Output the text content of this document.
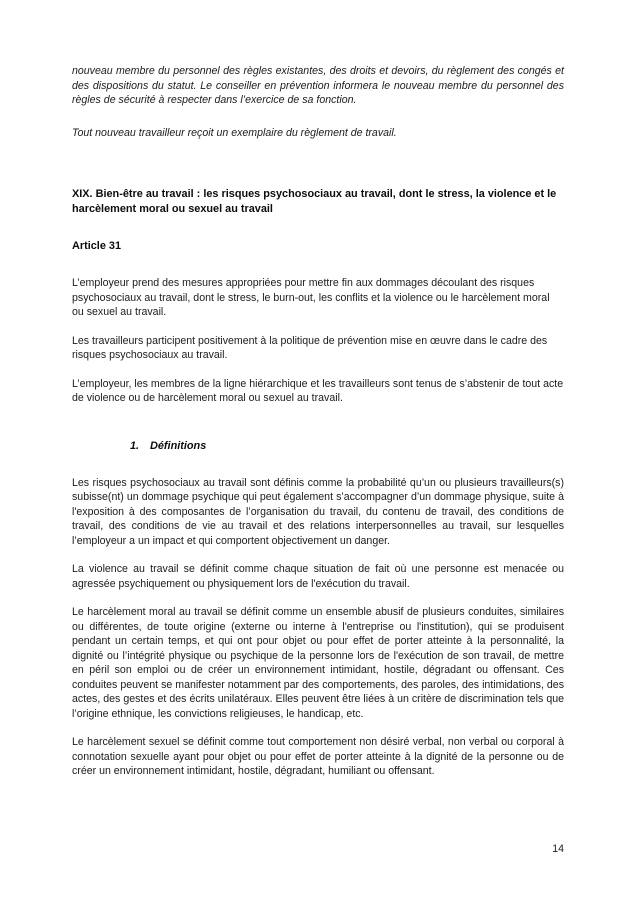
nouveau membre du personnel des règles existantes, des droits et devoirs, du règlement des congés et des dispositions du statut. Le conseiller en prévention informera le nouveau membre du personnel des règles de sécurité à respecter dans l’exercice de sa fonction.

Tout nouveau travailleur reçoit un exemplaire du règlement de travail.

XIX. Bien-être au travail : les risques psychosociaux au travail, dont le stress, la violence et le harcèlement moral ou sexuel au travail

Article 31

L’employeur prend des mesures appropriées pour mettre fin aux dommages découlant des risques psychosociaux au travail, dont le stress, le burn-out, les conflits et la violence ou le harcèlement moral ou sexuel au travail.

Les travailleurs participent positivement à la politique de prévention mise en œuvre dans le cadre des risques psychosociaux au travail.

L’employeur, les membres de la ligne hiérarchique et les travailleurs sont tenus de s’abstenir de tout acte de violence ou de harcèlement moral ou sexuel au travail.

1. Définitions

Les risques psychosociaux au travail sont définis comme la probabilité qu’un ou plusieurs travailleurs(s) subisse(nt) un dommage psychique qui peut également s’accompagner d’un dommage physique, suite à l'exposition à des composantes de l’organisation du travail, du contenu de travail, des conditions de travail, des conditions de vie au travail et des relations interpersonnelles au travail, sur lesquelles l’employeur a un impact et qui comportent objectivement un danger.

La violence au travail se définit comme chaque situation de fait où une personne est menacée ou agressée psychiquement ou physiquement lors de l'exécution du travail.

Le harcèlement moral au travail se définit comme un ensemble abusif de plusieurs conduites, similaires ou différentes, de toute origine (externe ou interne à l'entreprise ou l'institution), qui se produisent pendant un certain temps, et qui ont pour objet ou pour effet de porter atteinte à la personnalité, la dignité ou l’intégrité physique ou psychique de la personne lors de l'exécution de son travail, de mettre en péril son emploi ou de créer un environnement intimidant, hostile, dégradant ou offensant. Ces conduites peuvent se manifester notamment par des comportements, des paroles, des intimidations, des actes, des gestes et des écrits unilatéraux. Elles peuvent être liées à un critère de discrimination tels que l’origine ethnique, les convictions religieuses, le handicap, etc.

Le harcèlement sexuel se définit comme tout comportement non désiré verbal, non verbal ou corporal à connotation sexuelle ayant pour objet ou pour effet de porter atteinte à la dignité de la personne ou de créer un environnement intimidant, hostile, dégradant, humiliant ou offensant.

14
